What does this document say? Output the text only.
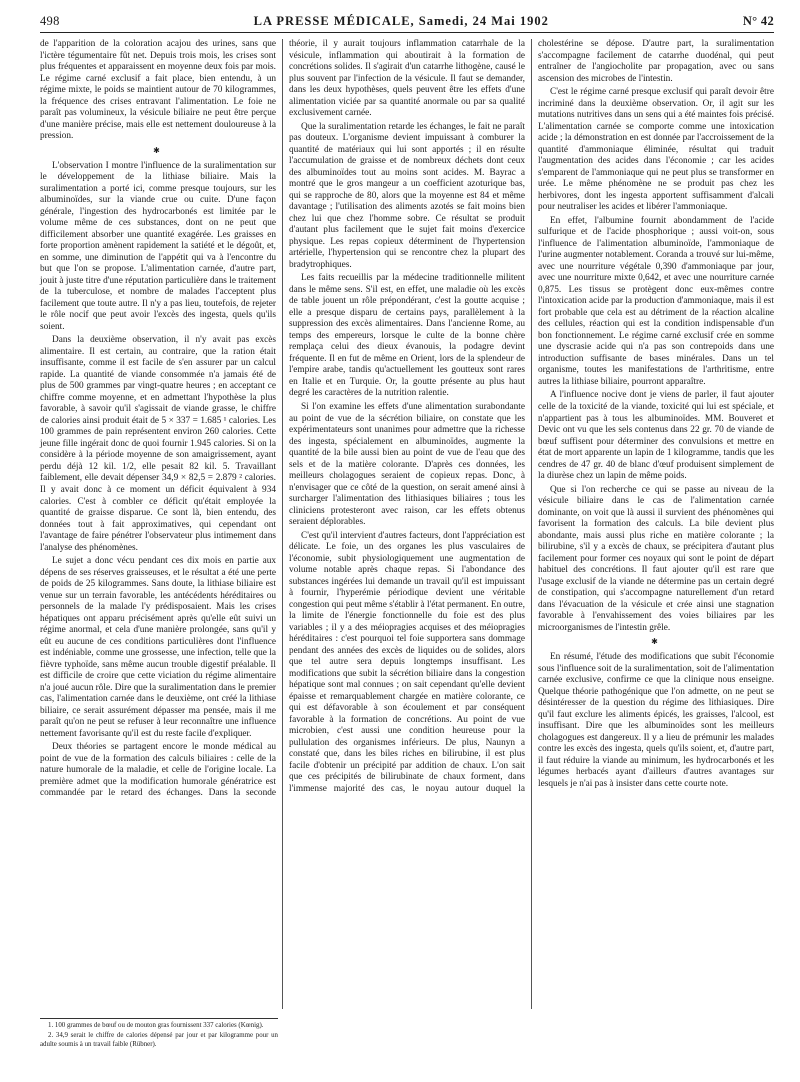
498	LA PRESSE MÉDICALE, Samedi, 24 Mai 1902	N° 42

de l'apparition de la coloration acajou des urines, sans que l'ictère tégumentaire fût net. Depuis trois mois, les crises sont plus fréquentes et apparaissent en moyenne deux fois par mois. Le régime carné exclusif a fait place, bien entendu, à un régime mixte, le poids se maintient autour de 70 kilogrammes, la fréquence des crises entravant l'alimentation. Le foie ne paraît pas volumineux, la vésicule biliaire ne peut être perçue d'une manière précise, mais elle est nettement douloureuse à la pression.

✱

L'observation I montre l'influence de la suralimentation sur le développement de la lithiase biliaire. Mais la suralimentation a porté ici, comme presque toujours, sur les albuminoïdes, sur la viande crue ou cuite. D'une façon générale, l'ingestion des hydrocarbonés est limitée par le volume même de ces substances, dont on ne peut que difficilement absorber une quantité exagérée. Les graisses en forte proportion amènent rapidement la satiété et le dégoût, et, en somme, une diminution de l'appétit qui va à l'encontre du but que l'on se propose. L'alimentation carnée, d'autre part, jouit à juste titre d'une réputation particulière dans le traitement de la tuberculose, et nombre de malades l'acceptent plus facilement que toute autre. Il n'y a pas lieu, toutefois, de rejeter le rôle nocif que peut avoir l'excès des ingesta, quels qu'ils soient.

Dans la deuxième observation, il n'y avait pas excès alimentaire. Il est certain, au contraire, que la ration était insuffisante, comme il est facile de s'en assurer par un calcul rapide. La quantité de viande consommée n'a jamais été de plus de 500 grammes par vingt-quatre heures ; en acceptant ce chiffre comme moyenne, et en admettant l'hypothèse la plus favorable, à savoir qu'il s'agissait de viande grasse, le chiffre de calories ainsi produit était de 5 × 337 = 1.685 ¹ calories. Les 100 grammes de pain représentent environ 260 calories. Cette jeune fille ingérait donc de quoi fournir 1.945 calories. Si on la considère à la période moyenne de son amaigrissement, ayant perdu déjà 12 kil. 1/2, elle pesait 82 kil. 5. Travaillant faiblement, elle devait dépenser 34,9 × 82,5 = 2.879 ² calories. Il y avait donc à ce moment un déficit équivalent à 934 calories. C'est à combler ce déficit qu'était employée la quantité de graisse disparue. Ce sont là, bien entendu, des données tout à fait approximatives, qui cependant ont l'avantage de faire pénétrer l'observateur plus intimement dans l'analyse des phénomènes.

Le sujet a donc vécu pendant ces dix mois en partie aux dépens de ses réserves graisseuses, et le résultat a été une perte de poids de 25 kilogrammes. Sans doute, la lithiase biliaire est venue sur un terrain favorable, les antécédents héréditaires ou personnels de la malade l'y prédisposaient. Mais les crises hépatiques ont apparu précisément après qu'elle eût suivi un régime anormal, et cela d'une manière prolongée, sans qu'il y eût eu aucune de ces conditions particulières dont l'influence est indéniable, comme une grossesse, une infection, telle que la fièvre typhoïde, sans même aucun trouble digestif préalable. Il est difficile de croire que cette viciation du régime alimentaire n'a joué aucun rôle. Dire que la suralimentation dans le premier cas, l'alimentation carnée dans le deuxième, ont créé la lithiase biliaire, ce serait assurément dépasser ma pensée, mais il me paraît qu'on ne peut se refuser à leur reconnaître une influence nettement favorisante qu'il est du reste facile d'expliquer.

Deux théories se partagent encore le monde médical au point de vue de la formation des calculs biliaires : celle de la nature humorale de la maladie, et celle de l'origine locale. La première admet que la modification humorale génératrice est commandée par le retard des échanges. Dans la seconde théorie, il y aurait toujours inflammation catarrhale de la vésicule, inflammation qui aboutirait à la formation de concrétions solides. Il s'agirait d'un catarrhe lithogène, causé le plus souvent par l'infection de la vésicule. Il faut se demander, dans les deux hypothèses, quels peuvent être les effets d'une alimentation viciée par sa quantité anormale ou par sa qualité exclusivement carnée.

Que la suralimentation retarde les échanges, le fait ne paraît pas douteux. L'organisme devient impuissant à comburer la quantité de matériaux qui lui sont apportés ; il en résulte l'accumulation de graisse et de nombreux déchets dont ceux des albuminoïdes tout au moins sont acides. M. Bayrac a montré que le gros mangeur a un coefficient azoturique bas, qui se rapproche de 80, alors que la moyenne est 84 et même davantage ; l'utilisation des aliments azotés se fait moins bien chez lui que chez l'homme sobre. Ce résultat se produit d'autant plus facilement que le sujet fait moins d'exercice physique. Les repas copieux déterminent de l'hypertension artérielle, l'hypertension qui se rencontre chez la plupart des bradytrophiques.

Les faits recueillis par la médecine traditionnelle militent dans le même sens. S'il est, en effet, une maladie où les excès de table jouent un rôle prépondérant, c'est la goutte acquise ; elle a presque disparu de certains pays, parallèlement à la suppression des excès alimentaires. Dans l'ancienne Rome, au temps des empereurs, lorsque le culte de la bonne chère remplaça celui des dieux évanouis, la podagre devint fréquente. Il en fut de même en Orient, lors de la splendeur de l'empire arabe, tandis qu'actuellement les goutteux sont rares en Italie et en Turquie. Or, la goutte présente au plus haut degré les caractères de la nutrition ralentie.

Si l'on examine les effets d'une alimentation surabondante au point de vue de la sécrétion biliaire, on constate que les expérimentateurs sont unanimes pour admettre que la richesse des ingesta, spécialement en albuminoïdes, augmente la quantité de la bile aussi bien au point de vue de l'eau que des sels et de la matière colorante. D'après ces données, les meilleurs cholagogues seraient de copieux repas. Donc, à n'envisager que ce côté de la question, on serait amené ainsi à surcharger l'alimentation des lithiasiques biliaires ; tous les cliniciens protesteront avec raison, car les effets obtenus seraient déplorables.

C'est qu'il intervient d'autres facteurs, dont l'appréciation est délicate. Le foie, un des organes les plus vasculaires de l'économie, subit physiologiquement une augmentation de volume notable après chaque repas. Si l'abondance des substances ingérées lui demande un travail qu'il est impuissant à fournir, l'hyperémie périodique devient une véritable congestion qui peut même s'établir à l'état permanent. En outre, la limite de l'énergie fonctionnelle du foie est des plus variables ; il y a des méiopragies acquises et des méiopragies héréditaires : c'est pourquoi tel foie supportera sans dommage pendant des années des excès de liquides ou de solides, alors que tel autre sera depuis longtemps insuffisant. Les modifications que subit la sécrétion biliaire dans la congestion hépatique sont mal connues ; on sait cependant qu'elle devient épaisse et remarquablement chargée en matière colorante, ce qui est défavorable à son écoulement et par conséquent favorable à la formation de concrétions. Au point de vue microbien, c'est aussi une condition heureuse pour la pullulation des organismes inférieurs. De plus, Naunyn a constaté que, dans les biles riches en bilirubine, il est plus facile d'obtenir un précipité par addition de chaux. L'on sait que ces précipités de bilirubinate de chaux forment, dans l'immense majorité des cas, le noyau autour duquel la cholestérine se dépose. D'autre part, la suralimentation s'accompagne facilement de catarrhe duodénal, qui peut entraîner de l'angiocholite par propagation, avec ou sans ascension des microbes de l'intestin.

C'est le régime carné presque exclusif qui paraît devoir être incriminé dans la deuxième observation. Or, il agit sur les mutations nutritives dans un sens qui a été maintes fois précisé. L'alimentation carnée se comporte comme une intoxication acide ; la démonstration en est donnée par l'accroissement de la quantité d'ammoniaque éliminée, résultat qui traduit l'augmentation des acides dans l'économie ; car les acides s'emparent de l'ammoniaque qui ne peut plus se transformer en urée. Le même phénomène ne se produit pas chez les herbivores, dont les ingesta apportent suffisamment d'alcali pour neutraliser les acides et libérer l'ammoniaque.

En effet, l'albumine fournit abondamment de l'acide sulfurique et de l'acide phosphorique ; aussi voit-on, sous l'influence de l'alimentation albuminoïde, l'ammoniaque de l'urine augmenter notablement. Coranda a trouvé sur lui-même, avec une nourriture végétale 0,390 d'ammoniaque par jour, avec une nourriture mixte 0,642, et avec une nourriture carnée 0,875. Les tissus se protègent donc eux-mêmes contre l'intoxication acide par la production d'ammoniaque, mais il est fort probable que cela est au détriment de la réaction alcaline des cellules, réaction qui est la condition indispensable d'un bon fonctionnement. Le régime carné exclusif crée en somme une dyscrasie acide qui n'a pas son contrepoids dans une introduction suffisante de bases minérales. Dans un tel organisme, toutes les manifestations de l'arthritisme, entre autres la lithiase biliaire, pourront apparaître.

A l'influence nocive dont je viens de parler, il faut ajouter celle de la toxicité de la viande, toxicité qui lui est spéciale, et n'appartient pas à tous les albuminoïdes. MM. Bouveret et Devic ont vu que les sels contenus dans 22 gr. 70 de viande de bœuf suffisent pour déterminer des convulsions et mettre en état de mort apparente un lapin de 1 kilogramme, tandis que les cendres de 47 gr. 40 de blanc d'œuf produisent simplement de la diurèse chez un lapin de même poids.

Que si l'on recherche ce qui se passe au niveau de la vésicule biliaire dans le cas de l'alimentation carnée dominante, on voit que là aussi il survient des phénomènes qui favorisent la formation des calculs. La bile devient plus abondante, mais aussi plus riche en matière colorante ; la bilirubine, s'il y a excès de chaux, se précipitera d'autant plus facilement pour former ces noyaux qui sont le point de départ habituel des concrétions. Il faut ajouter qu'il est rare que l'usage exclusif de la viande ne détermine pas un certain degré de constipation, qui s'accompagne naturellement d'un retard dans l'évacuation de la vésicule et crée ainsi une stagnation favorable à l'envahissement des voies biliaires par les microorganismes de l'intestin grêle.

✱

En résumé, l'étude des modifications que subit l'économie sous l'influence soit de la suralimentation, soit de l'alimentation carnée exclusive, confirme ce que la clinique nous enseigne. Quelque théorie pathogénique que l'on admette, on ne peut se désintéresser de la question du régime des lithiasiques. Dire qu'il faut exclure les aliments épicés, les graisses, l'alcool, est insuffisant. Dire que les albuminoïdes sont les meilleurs cholagogues est dangereux. Il y a lieu de prémunir les malades contre les excès des ingesta, quels qu'ils soient, et, d'autre part, il faut réduire la viande au minimum, les hydrocarbonés et les légumes herbacés ayant d'ailleurs d'autres avantages sur lesquels je n'ai pas à insister dans cette courte note.

1. 100 grammes de bœuf ou de mouton gras fournissent 337 calories (Kœnig).

2. 34,9 serait le chiffre de calories dépensé par jour et par kilogramme pour un adulte soumis à un travail faible (Rübner).
